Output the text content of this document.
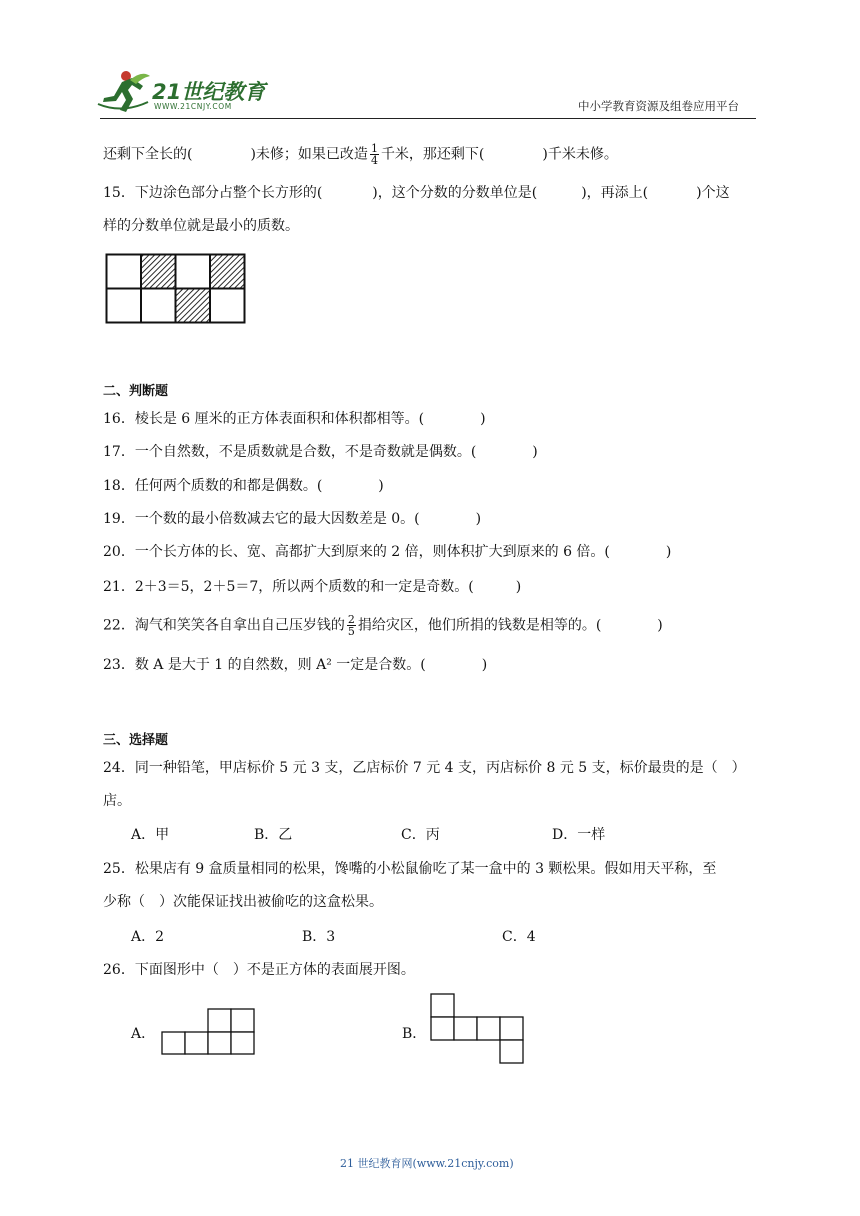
21世纪教育
WWW.21CNJY.COM	中小学教育资源及组卷应用平台
还剩下全长的(	)未修；如果已改造 $\frac{1}{4}$ 千米，那还剩下(	)千米未修。
15．下边涂色部分占整个长方形的(	)，这个分数的分数单位是(	)，再添上(	)个这
样的分数单位就是最小的质数。
二、判断题
16．棱长是 6 厘米的正方体表面积和体积都相等。(　　　　)
17．一个自然数，不是质数就是合数，不是奇数就是偶数。(　　　　)
18．任何两个质数的和都是偶数。(　　　　)
19．一个数的最小倍数减去它的最大因数差是 0。(　　　　)
20．一个长方体的长、宽、高都扩大到原来的 2 倍，则体积扩大到原来的 6 倍。(　　　　)
21．2＋3＝5，2＋5＝7，所以两个质数的和一定是奇数。(　　　)
22．淘气和笑笑各自拿出自己压岁钱的 $\frac{2}{5}$ 捐给灾区，他们所捐的钱数是相等的。(　　　　)
23．数 A 是大于 1 的自然数，则 A² 一定是合数。(　　　　)
三、选择题
24．同一种铅笔，甲店标价 5 元 3 支，乙店标价 7 元 4 支，丙店标价 8 元 5 支，标价最贵的是（　）
店。
A．甲	B．乙	C．丙	D．一样
25．松果店有 9 盒质量相同的松果，馋嘴的小松鼠偷吃了某一盒中的 3 颗松果。假如用天平称，至
少称（　）次能保证找出被偷吃的这盒松果。
A．2	B．3	C．4
26．下面图形中（　）不是正方体的表面展开图。
A．	B．
21 世纪教育网(www.21cnjy.com)
